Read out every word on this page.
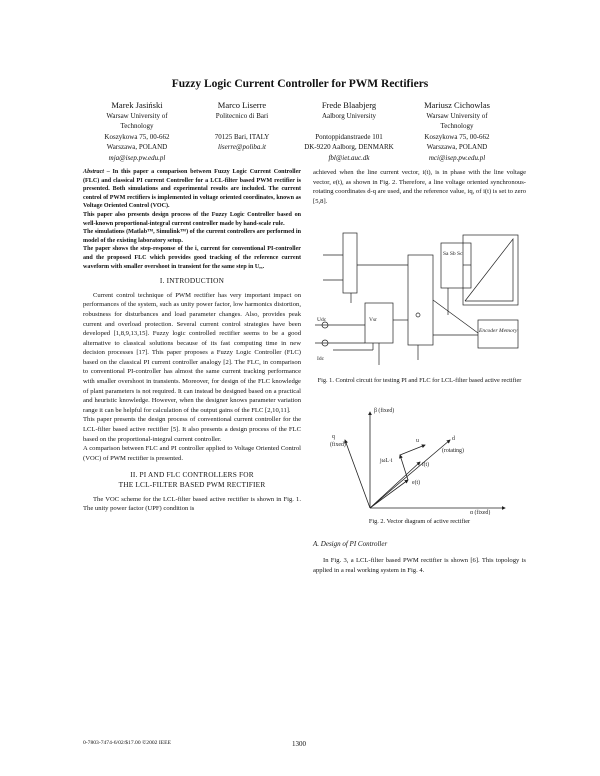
Fuzzy Logic Current Controller for PWM Rectifiers
Marek Jasiński
Warsaw University of
Technology
Koszykowa 75, 00-662
Warszawa, POLAND
mja@isep.pw.edu.pl
Marco Liserre
Politecnico di Bari
70125 Bari, ITALY
liserre@poliba.it
Frede Blaabjerg
Aalborg University
Pontoppidanstraede 101
DK-9220 Aalborg, DENMARK
fbl@iet.auc.dk
Mariusz Cichowlas
Warsaw University of
Technology
Koszykowa 75, 00-662
Warszawa, POLAND
mci@isep.pw.edu.pl

Abstract – In this paper a comparison between Fuzzy Logic Current Controller (FLC) and classical PI current Controller for a LCL-filter based PWM rectifier is presented. Both simulations and experimental results are included. The current control of PWM rectifiers is implemented in voltage oriented coordinates, known as Voltage Oriented Control (VOC).

This paper also presents design process of the Fuzzy Logic Controller based on well-known proportional-integral current controller made by hand-scale rule.

The simulations (Matlab™, Simulink™) of the current controllers are performed in model of the existing laboratory setup.

The paper shows the step-response of the iₓ current for conventional PI-controller and the proposed FLC which provides good tracking of the reference current waveform with smaller overshoot in transient for the same step in Uₑₓ.

I. INTRODUCTION

Current control technique of PWM rectifier has very important impact on performances of the system, such as unity power factor, low harmonics distortion, robustness for disturbances and load parameter changes. Also, provides peak current and overload protection. Several current control strategies have been developed [1,8,9,13,15]. Fuzzy logic controlled rectifier seems to be a good alternative to classical solutions because of its fast computing time in new decision processes [17]. This paper proposes a Fuzzy Logic Controller (FLC) based on the classical PI current controller analogy [2]. The FLC, in comparison to conventional PI-controller has almost the same current tracking performance with smaller overshoot in transients. Moreover, for design of the FLC knowledge of plant parameters is not required. It can instead be designed based on a practical and heuristic knowledge. However, when the designer knows parameter variation range it can be helpful for calculation of the output gains of the FLC [2,10,11].

This paper presents the design process of conventional current controller for the LCL-filter based active rectifier [5]. It also presents a design process of the FLC based on the proportional-integral current controller.

A comparison between FLC and PI controller applied to Voltage Oriented Control (VOC) of PWM rectifier is presented.

II. PI AND FLC CONTROLLERS FOR
THE LCL-FILTER BASED PWM RECTIFIER

The VOC scheme for the LCL-filter based active rectifier is shown in Fig. 1. The unity power factor (UPF) condition is

achieved when the line current vector, i(t), is in phase with the line voltage vector, e(t), as shown in Fig. 2. Therefore, a line voltage oriented synchronous-rotating coordinates d-q are used, and the reference value, iq, of i(t) is set to zero [5,8].

Udc	Vsr
Idc
Encoder Memory
Sa Sb Sc
Fig. 1. Control circuit for testing PI and FLC for LCL-filter based active rectifier
β (fixed)
α (fixed)
q	d
(rotating)
(fixed)
i(t)
e(t)
jωL·i
u
Fig. 2. Vector diagram of active rectifier
A. Design of PI Controller

In Fig. 3, a LCL-filter based PWM rectifier is shown [6]. This topology is applied in a real working system in Fig. 4.

0-7803-7474-6/02/$17.00 ©2002 IEEE	1300
